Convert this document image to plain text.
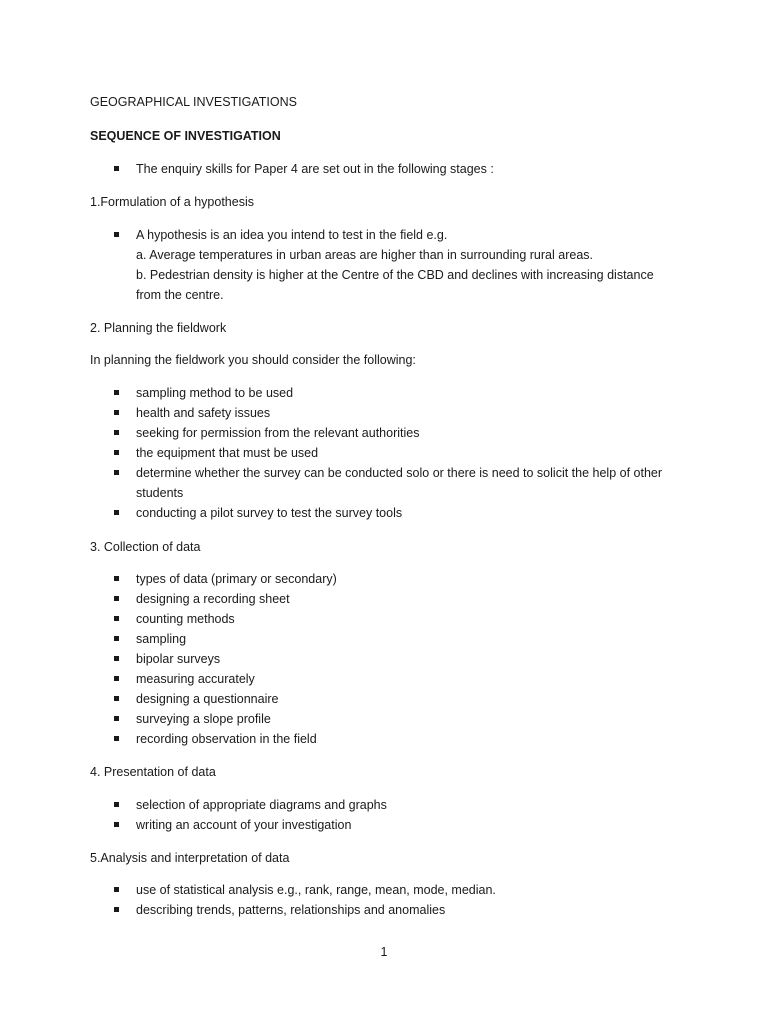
GEOGRAPHICAL INVESTIGATIONS
SEQUENCE OF INVESTIGATION
The enquiry skills for Paper 4 are set out in the following stages :
1.Formulation of a hypothesis
A hypothesis is an idea you intend to test in the field e.g.
a. Average temperatures in urban areas are higher than in surrounding rural areas.
b. Pedestrian density is higher at the Centre of the CBD and declines with increasing distance
from the centre.
2. Planning the fieldwork
In planning the fieldwork you should consider the following:
sampling method to be used
health and safety issues
seeking for permission from the relevant authorities
the equipment that must be used
determine whether the survey can be conducted solo or there is need to solicit the help of other
students
conducting a pilot survey to test the survey tools
3. Collection of data
types of data (primary or secondary)
designing a recording sheet
counting methods
sampling
bipolar surveys
measuring accurately
designing a questionnaire
surveying a slope profile
recording observation in the field
4. Presentation of data
selection of appropriate diagrams and graphs
writing an account of your investigation
5.Analysis and interpretation of data
use of statistical analysis e.g., rank, range, mean, mode, median.
describing trends, patterns, relationships and anomalies
1
